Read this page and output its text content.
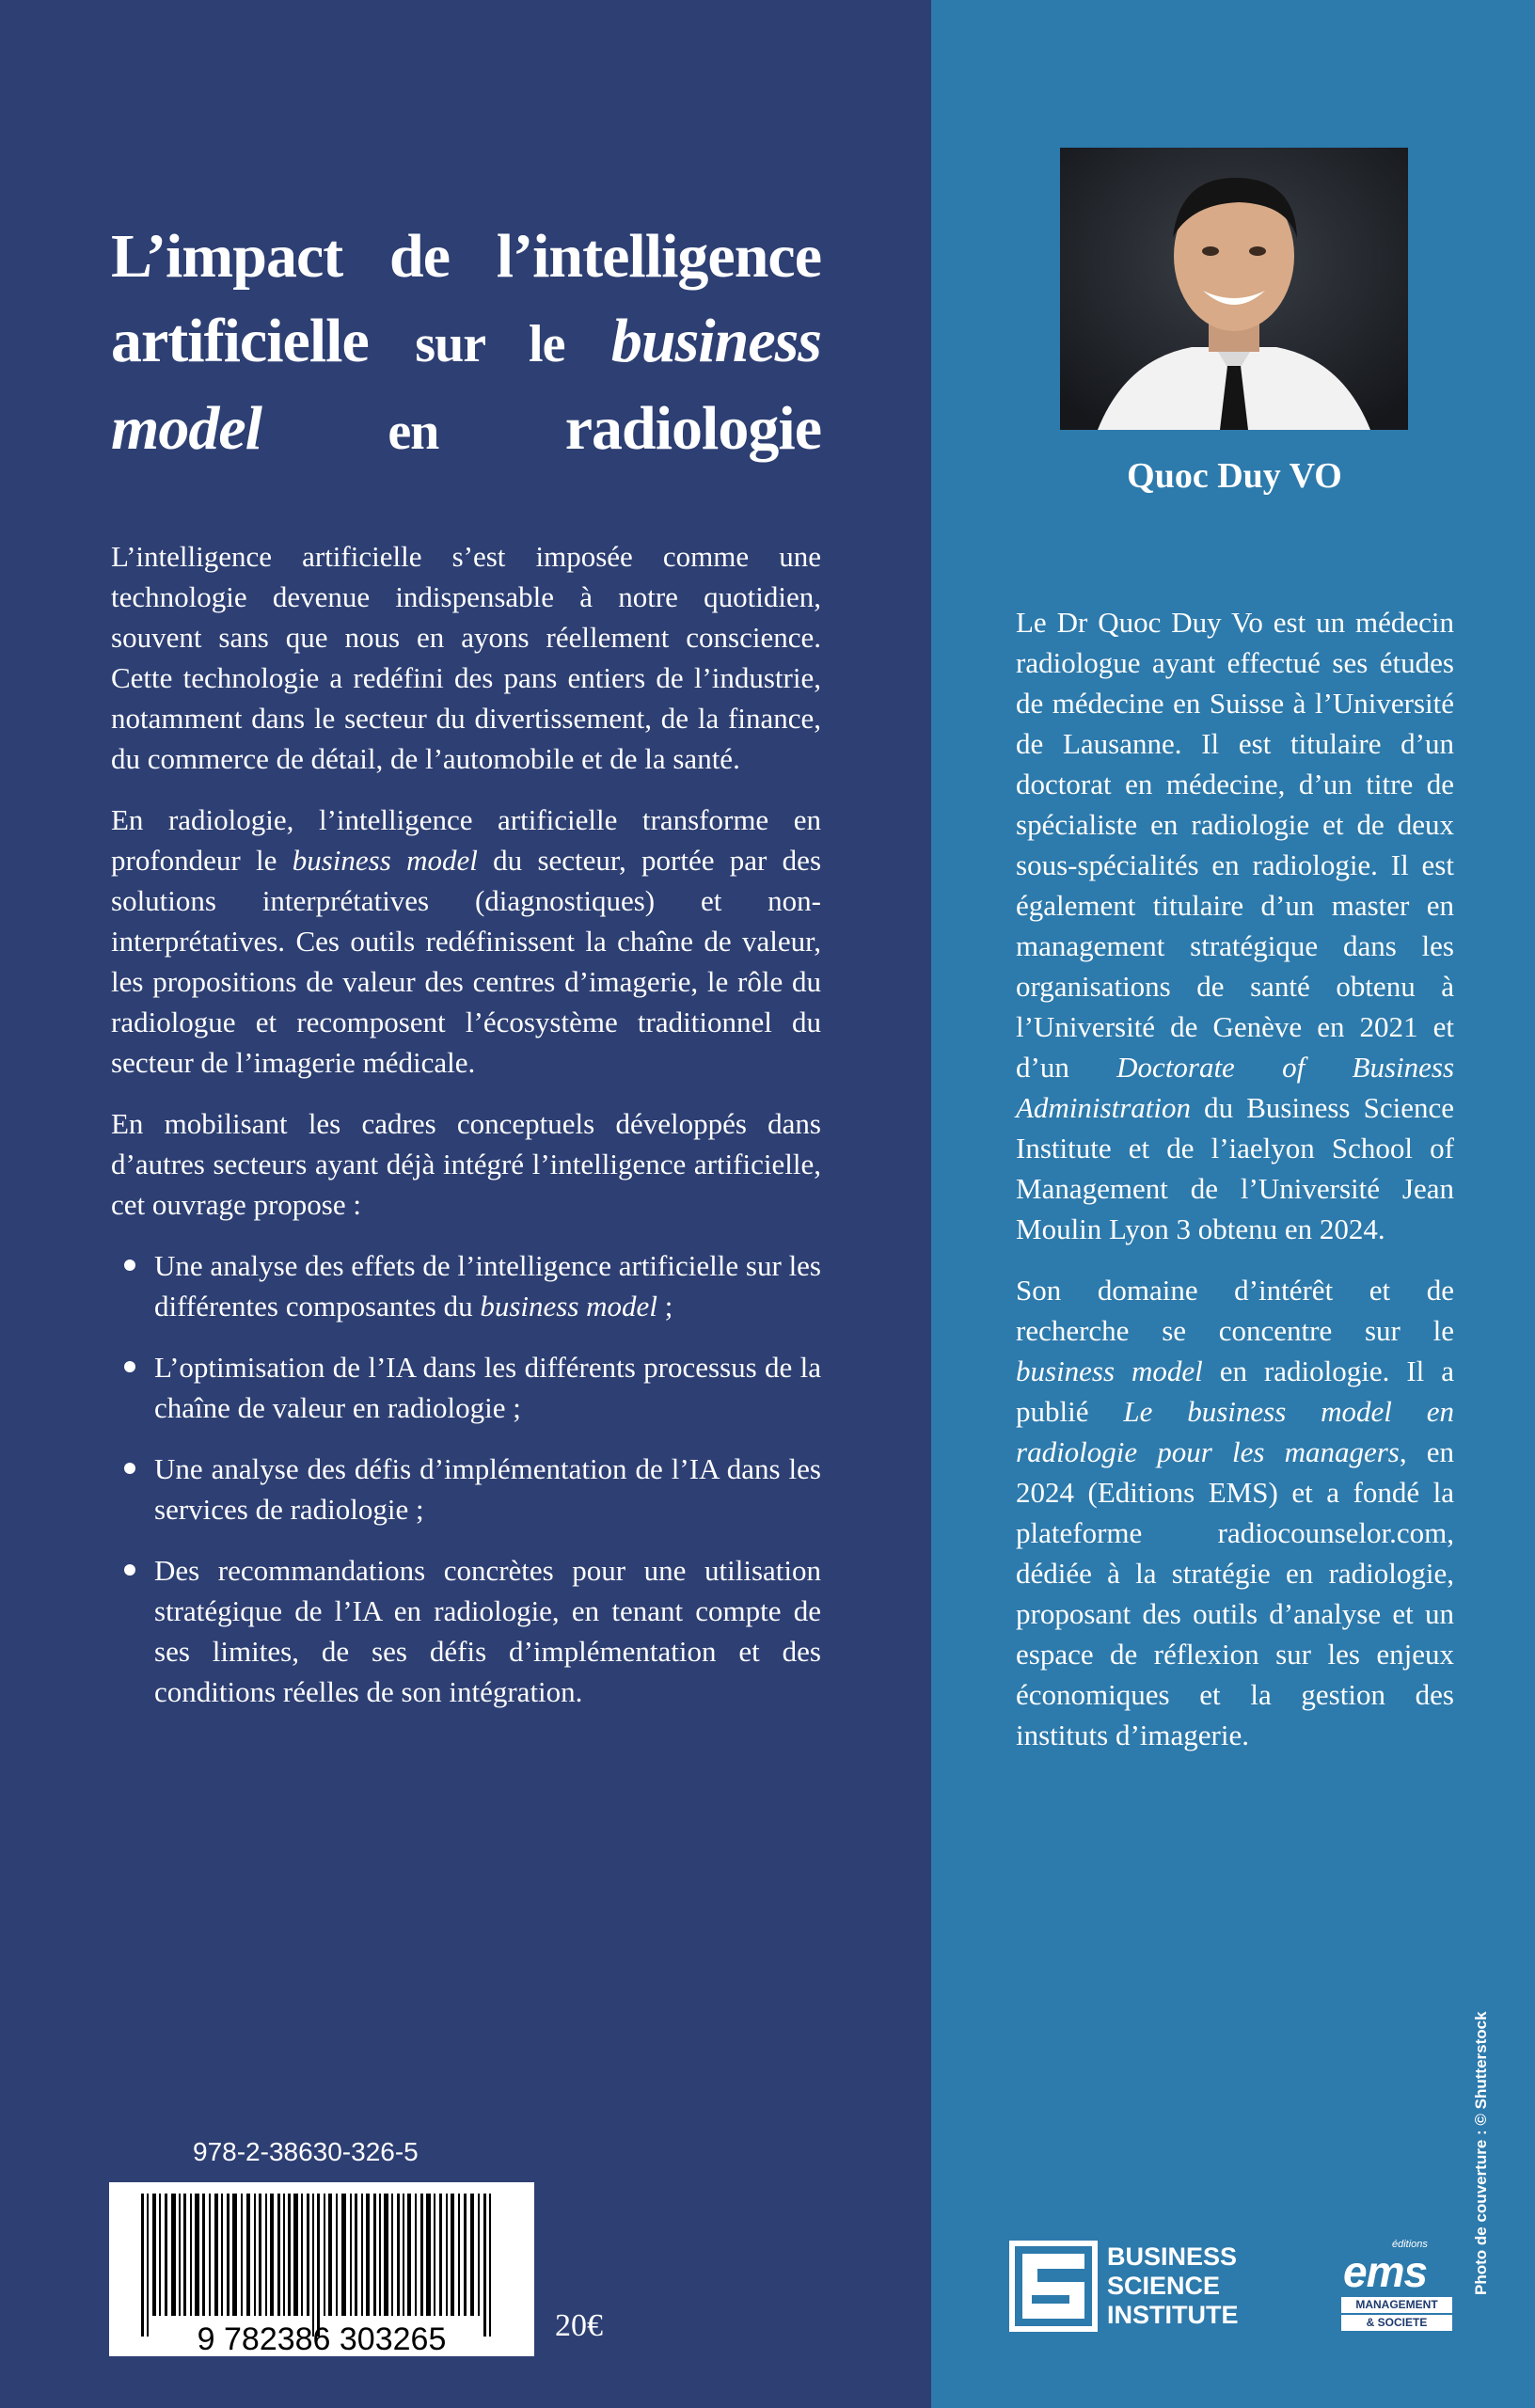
L’impact de l’intelligence
artificielle sur le business
model en radiologie

L’intelligence artificielle s’est imposée comme une technologie devenue indispensable à notre quotidien, souvent sans que nous en ayons réellement conscience. Cette technologie a redéfini des pans entiers de l’industrie, notamment dans le secteur du divertissement, de la finance, du commerce de détail, de l’automobile et de la santé.

En radiologie, l’intelligence artificielle transforme en profondeur le business model du secteur, portée par des solutions interprétatives (diagnostiques) et non-interprétatives. Ces outils redéfinissent la chaîne de valeur, les propositions de valeur des centres d’imagerie, le rôle du radiologue et recomposent l’écosystème traditionnel du secteur de l’imagerie médicale.

En mobilisant les cadres conceptuels développés dans d’autres secteurs ayant déjà intégré l’intelligence artificielle, cet ouvrage propose :

Une analyse des effets de l’intelligence artificielle sur les différentes composantes du business model ;
L’optimisation de l’IA dans les différents processus de la chaîne de valeur en radiologie ;
Une analyse des défis d’implémentation de l’IA dans les services de radiologie ;
Des recommandations concrètes pour une utilisation stratégique de l’IA en radiologie, en tenant compte de ses limites, de ses défis d’implémentation et des conditions réelles de son intégration.
978-2-38630-326-5
9 782386 303265	20€
Quoc Duy VO

Le Dr Quoc Duy Vo est un médecin radiologue ayant effectué ses études de médecine en Suisse à l’Université de Lausanne. Il est titulaire d’un doctorat en médecine, d’un titre de spécialiste en radiologie et de deux sous-spécialités en radiologie. Il est également titulaire d’un master en management stratégique dans les organisations de santé obtenu à l’Université de Genève en 2021 et d’un Doctorate of Business Administration du Business Science Institute et de l’iaelyon School of Management de l’Université Jean Moulin Lyon 3 obtenu en 2024.

Son domaine d’intérêt et de recherche se concentre sur le business model en radiologie. Il a publié Le business model en radiologie pour les managers, en 2024 (Editions EMS) et a fondé la plateforme radiocounselor.com, dédiée à la stratégie en radiologie, proposant des outils d’analyse et un espace de réflexion sur les enjeux économiques et la gestion des instituts d’imagerie.

Photo de couverture : © Shutterstock
BUSINESS
SCIENCE
INSTITUTE
éditions
ems
MANAGEMENT
& SOCIETE
